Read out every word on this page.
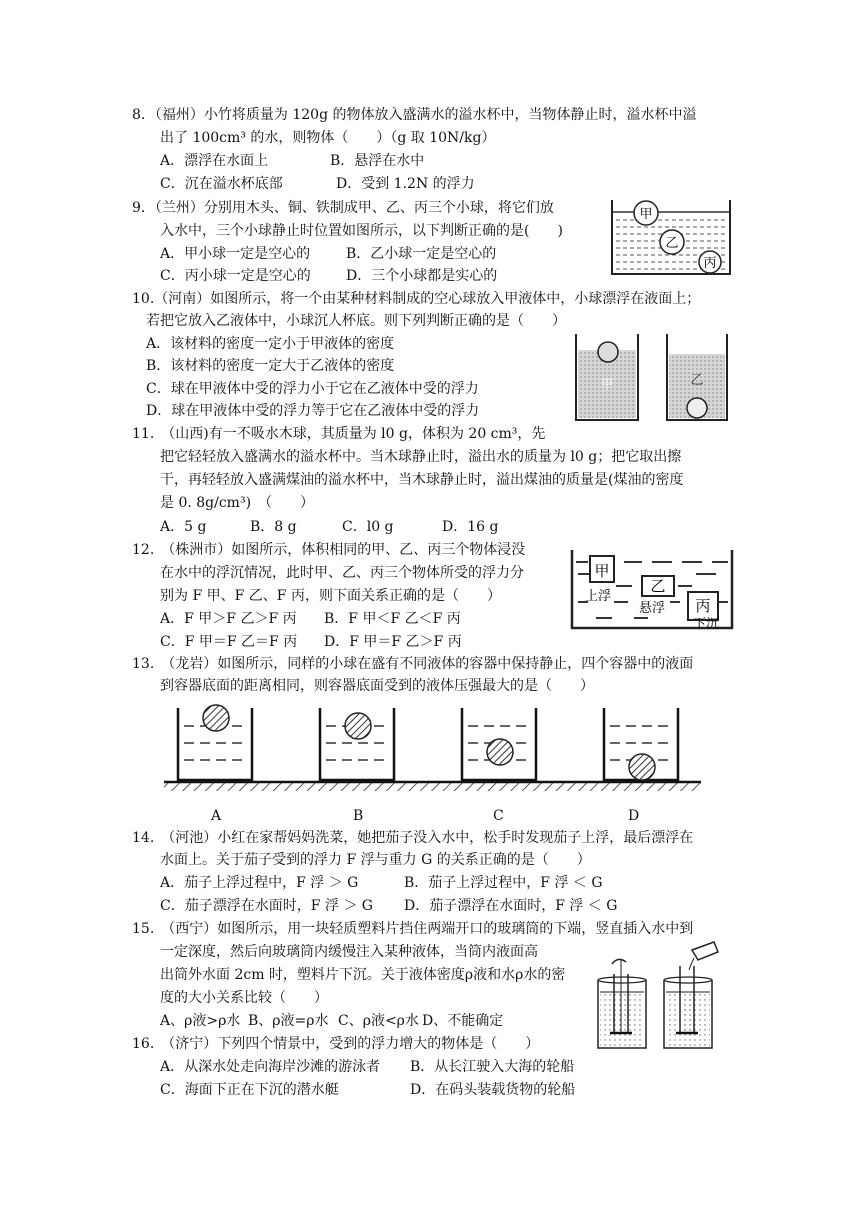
8．（福州）小竹将质量为 120g 的物体放入盛满水的溢水杯中，当物体静止时，溢水杯中溢
出了 100cm³ 的水，则物体（　　）（g 取 10N/kg）
A．漂浮在水面上	B．悬浮在水中
C．沉在溢水杯底部	D．受到 1.2N 的浮力
9．（兰州）分别用木头、铜、铁制成甲、乙、丙三个小球，将它们放
入水中，三个小球静止时位置如图所示，以下判断正确的是(　　)
A．甲小球一定是空心的	B．乙小球一定是空心的
C．丙小球一定是空心的	D．三个小球都是实心的
甲
乙
丙
10.（河南）如图所示，将一个由某种材料制成的空心球放入甲液体中，小球漂浮在液面上；
若把它放入乙液体中，小球沉人杯底。则下列判断正确的是（　　）
A．该材料的密度一定小于甲液体的密度
B．该材料的密度一定大于乙液体的密度
C．球在甲液体中受的浮力小于它在乙液体中受的浮力
D．球在甲液体中受的浮力等于它在乙液体中受的浮力
甲	乙
11.　（山西)有一不吸水木球，其质量为 l0 g，体积为 20 cm³，先
把它轻轻放入盛满水的溢水杯中。当木球静止时，溢出水的质量为 l0 g；把它取出擦
干，再轻轻放入盛满煤油的溢水杯中，当木球静止时，溢出煤油的质量是(煤油的密度
是 0. 8g/cm³)　（　　）
A．5 g	B．8 g	C．l0 g	D．16 g
12.　（株洲市）如图所示，体积相同的甲、乙、丙三个物体浸没
在水中的浮沉情况，此时甲、乙、丙三个物体所受的浮力分
别为 F 甲、F 乙、F 丙，则下面关系正确的是（　　）
A．F 甲＞F 乙＞F 丙 B．F 甲＜F 乙＜F 丙
C．F 甲＝F 乙＝F 丙 D．F 甲＝F 乙＞F 丙
甲
乙
丙
上浮
悬浮
下沉
13.　（龙岩）如图所示，同样的小球在盛有不同液体的容器中保持静止，四个容器中的液面
到容器底面的距离相同，则容器底面受到的液体压强最大的是（　　）
A	B	C	D
14.　（河池）小红在家帮妈妈洗菜，她把茄子没入水中，松手时发现茄子上浮，最后漂浮在
水面上。关于茄子受到的浮力 F 浮与重力 G 的关系正确的是（　　）
A．茄子上浮过程中，F 浮 ＞ G	B．茄子上浮过程中，F 浮 ＜ G
C．茄子漂浮在水面时，F 浮 ＞ G D．茄子漂浮在水面时，F 浮 ＜ G
15.　（西宁）如图所示，用一块轻质塑料片挡住两端开口的玻璃筒的下端，竖直插入水中到
一定深度，然后向玻璃筒内缓慢注入某种液体，当筒内液面高
出筒外水面 2cm 时，塑料片下沉。关于液体密度ρ液和水ρ水的密
度的大小关系比较（　　）
A、ρ液>ρ水 B、ρ液=ρ水 C、ρ液<ρ水 D、不能确定
16.　（济宁）下列四个情景中，受到的浮力增大的物体是（　　）
A．从深水处走向海岸沙滩的游泳者 B．从长江驶入大海的轮船
C．海面下正在下沉的潜水艇	D．在码头装载货物的轮船
